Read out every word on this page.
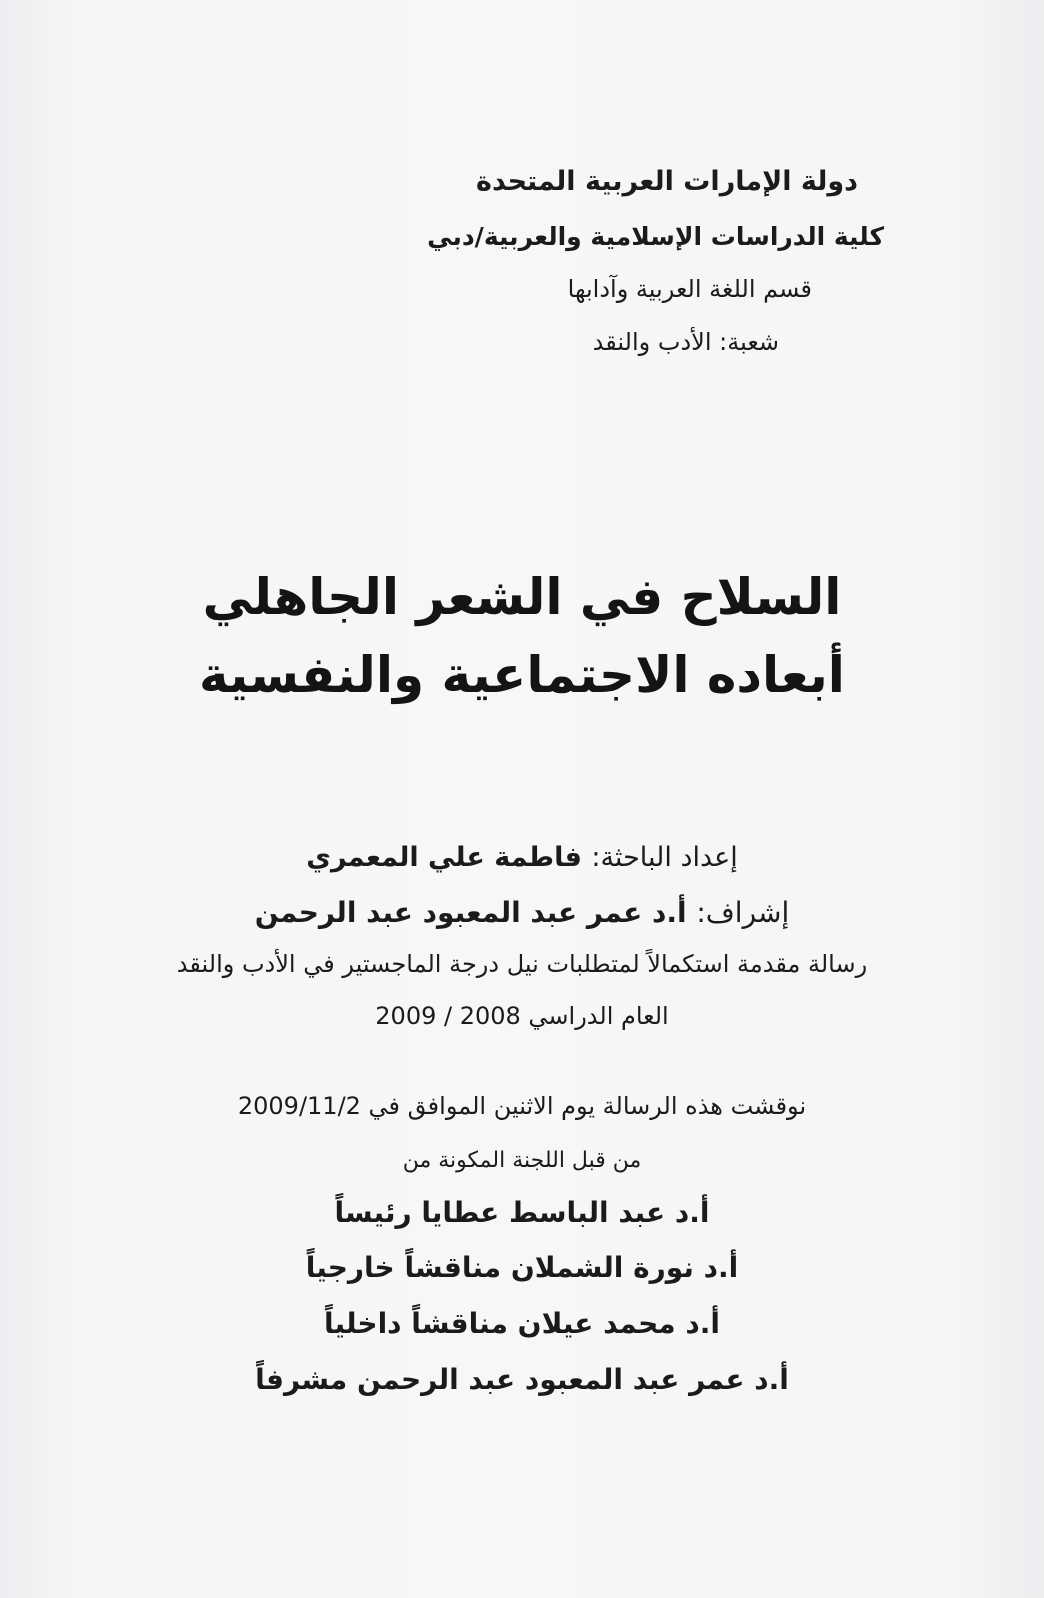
دولة الإمارات العربية المتحدة
كلية الدراسات الإسلامية والعربية/دبي
قسم اللغة العربية وآدابها
شعبة: الأدب والنقد
السلاح في الشعر الجاهلي
أبعاده الاجتماعية والنفسية
إعداد الباحثة: فاطمة علي المعمري
إشراف: أ.د عمر عبد المعبود عبد الرحمن
رسالة مقدمة استكمالاً لمتطلبات نيل درجة الماجستير في الأدب والنقد
العام الدراسي 2008 / 2009
نوقشت هذه الرسالة يوم الاثنين الموافق في 2009/11/2
من قبل اللجنة المكونة من
أ.د عبد الباسط عطايا رئيساً
أ.د نورة الشملان مناقشاً خارجياً
أ.د محمد عيلان مناقشاً داخلياً
أ.د عمر عبد المعبود عبد الرحمن مشرفاً
